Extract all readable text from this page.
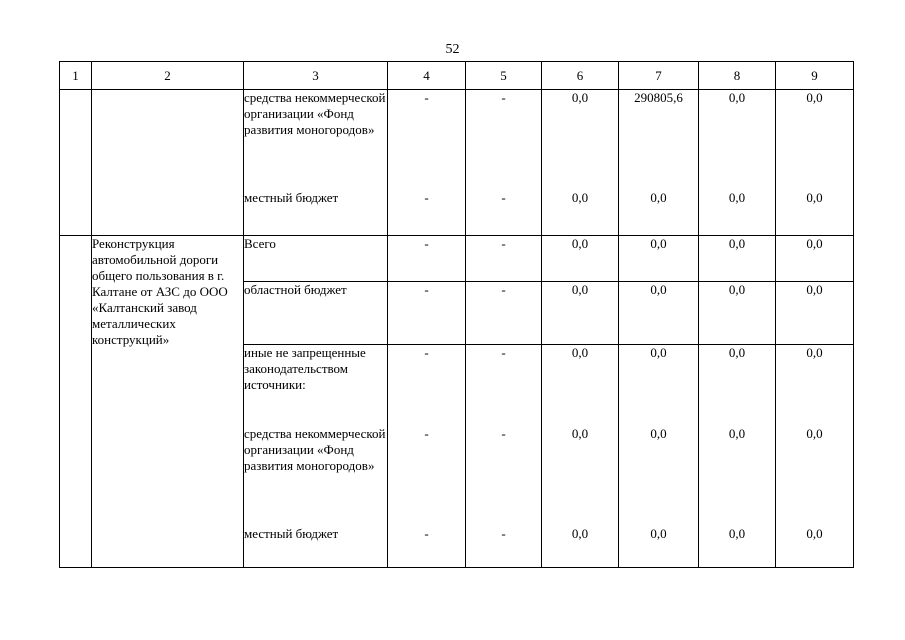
52
1	2	3	4	5	6	7	8	9

		средства некоммерческой организации «Фонд развития моногородов»	-	-	0,0	290805,6	0,0	0,0

		местный бюджет	-	-	0,0	0,0	0,0	0,0

	Реконструкция автомобильной дороги общего пользования в г. Калтане от АЗС до ООО «Калтанский завод металлических конструкций»	Всего	-	-	0,0	0,0	0,0	0,0

		областной бюджет	-	-	0,0	0,0	0,0	0,0

		иные не запрещенные законодательством источники:	-	-	0,0	0,0	0,0	0,0

		средства некоммерческой организации «Фонд развития моногородов»	-	-	0,0	0,0	0,0	0,0

		местный бюджет	-	-	0,0	0,0	0,0	0,0
